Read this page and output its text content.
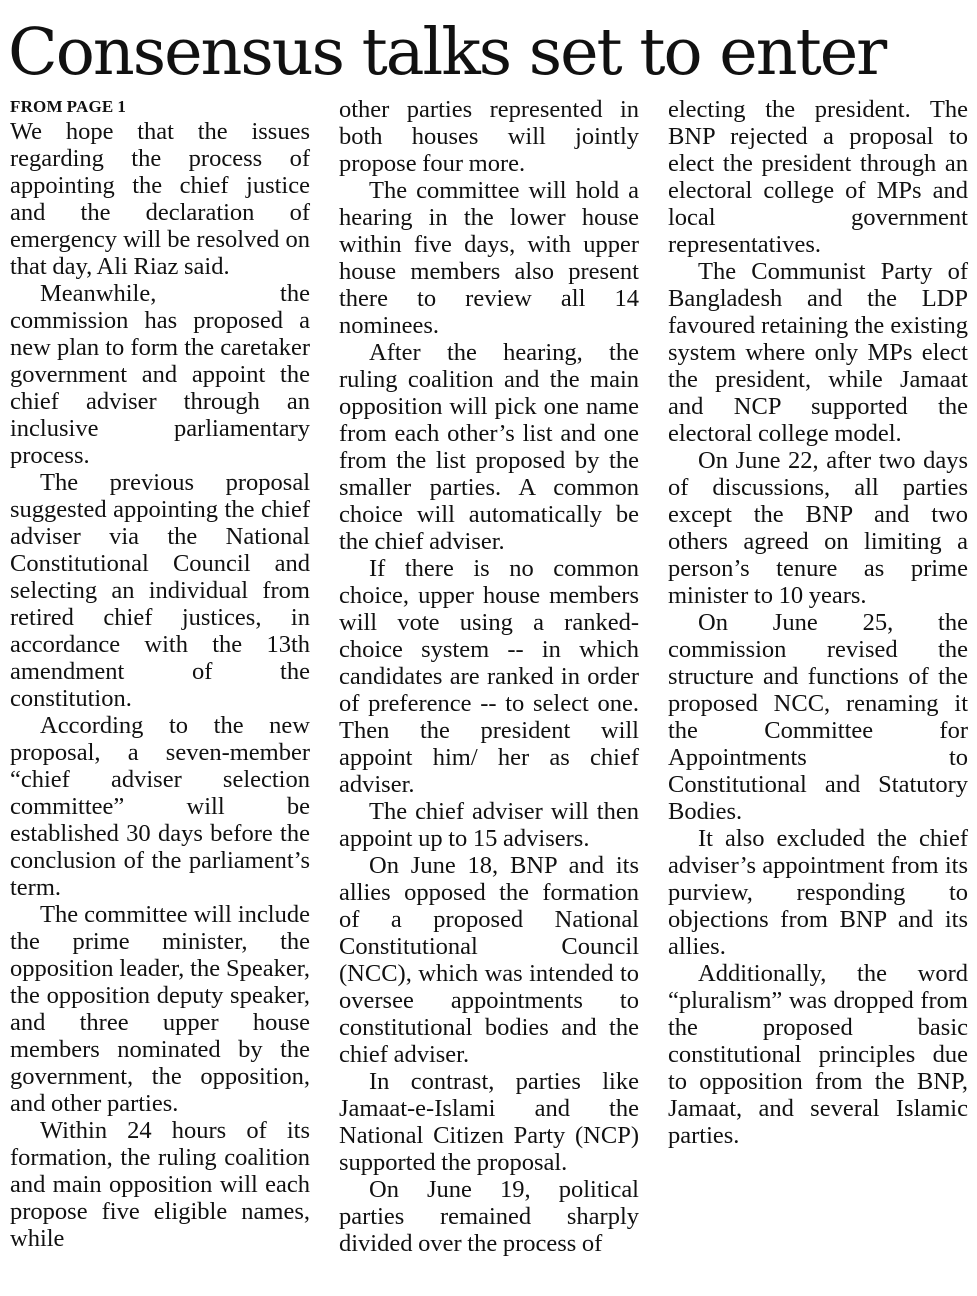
Consensus talks set to enter

FROM PAGE 1

We hope that the issues regarding the process of appointing the chief justice and the declaration of emergency will be resolved on that day, Ali Riaz said.

Meanwhile, the commission has proposed a new plan to form the caretaker government and appoint the chief adviser through an inclusive parliamentary process.

The previous proposal suggested appointing the chief adviser via the National Constitutional Council and selecting an individual from retired chief justices, in accordance with the 13th amendment of the constitution.

According to the new proposal, a seven-member “chief adviser selection committee” will be established 30 days before the conclusion of the parliament’s term.

The committee will include the prime minister, the opposition leader, the Speaker, the opposition deputy speaker, and three upper house members nominated by the government, the opposition, and other parties.

Within 24 hours of its formation, the ruling coalition and main opposition will each propose five eligible names, while

other parties represented in both houses will jointly propose four more.

The committee will hold a hearing in the lower house within five days, with upper house members also present there to review all 14 nominees.

After the hearing, the ruling coalition and the main opposition will pick one name from each other’s list and one from the list proposed by the smaller parties. A common choice will automatically be the chief adviser.

If there is no common choice, upper house members will vote using a ranked-choice system -- in which candidates are ranked in order of preference -- to select one. Then the president will appoint him/ her as chief adviser.

The chief adviser will then appoint up to 15 advisers.

On June 18, BNP and its allies opposed the formation of a proposed National Constitutional Council (NCC), which was intended to oversee appointments to constitutional bodies and the chief adviser.

In contrast, parties like Jamaat-e-Islami and the National Citizen Party (NCP) supported the proposal.

On June 19, political parties remained sharply divided over the process of

electing the president. The BNP rejected a proposal to elect the president through an electoral college of MPs and local government representatives.

The Communist Party of Bangladesh and the LDP favoured retaining the existing system where only MPs elect the president, while Jamaat and NCP supported the electoral college model.

On June 22, after two days of discussions, all parties except the BNP and two others agreed on limiting a person’s tenure as prime minister to 10 years.

On June 25, the commission revised the structure and functions of the proposed NCC, renaming it the Committee for Appointments to Constitutional and Statutory Bodies.

It also excluded the chief adviser’s appointment from its purview, responding to objections from BNP and its allies.

Additionally, the word “pluralism” was dropped from the proposed basic constitutional principles due to opposition from the BNP, Jamaat, and several Islamic parties.
